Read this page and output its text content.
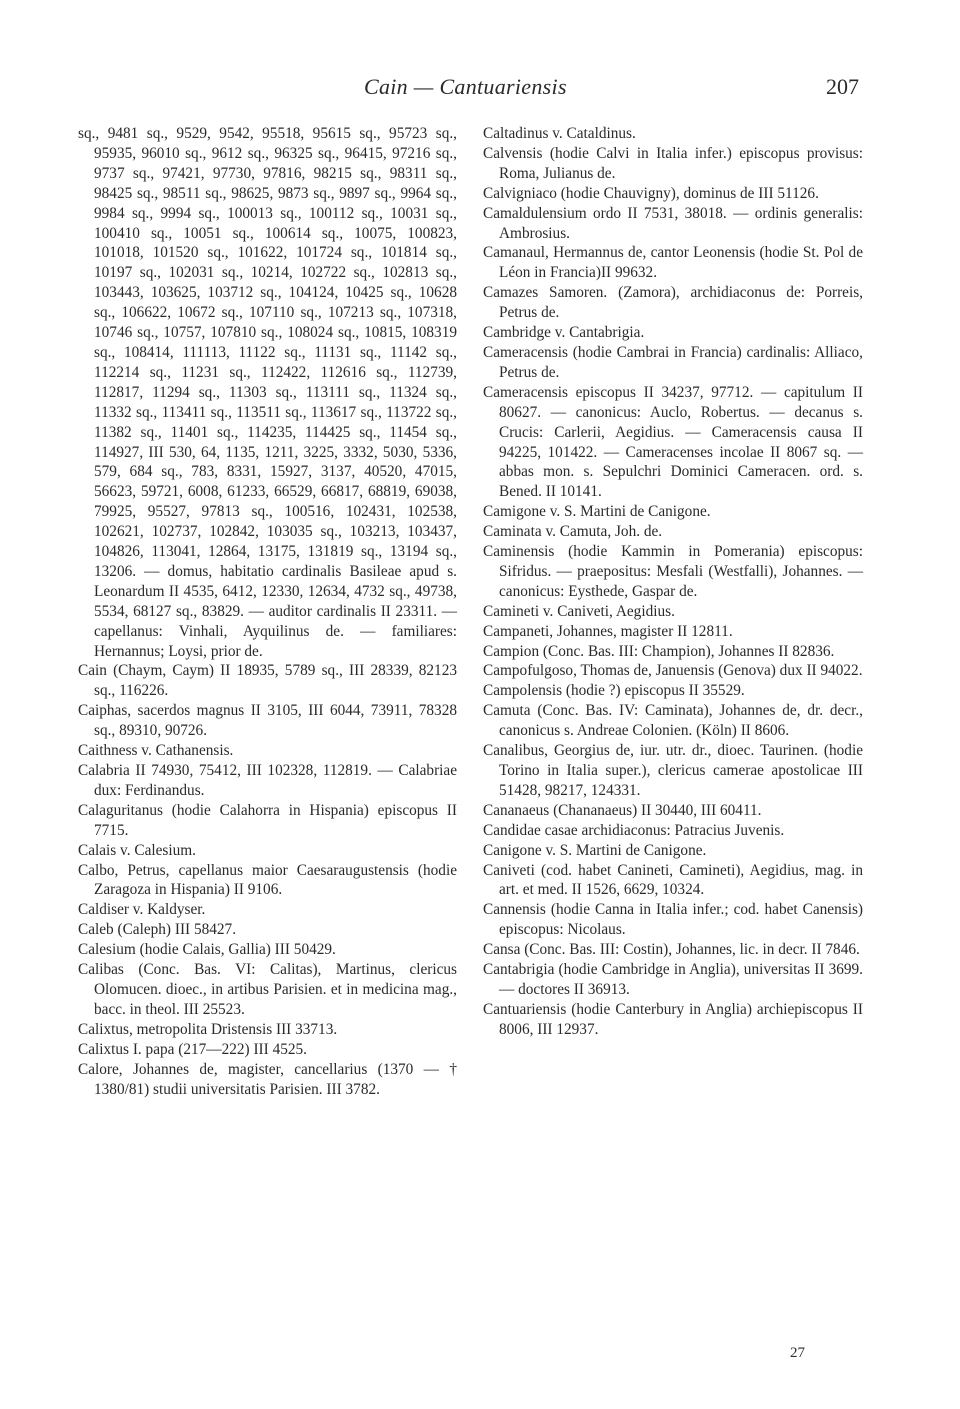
Cain — Cantuariensis	207

sq., 9481 sq., 9529, 9542, 95518, 95615 sq., 95723 sq., 95935, 96010 sq., 9612 sq., 96325 sq., 96415, 97216 sq., 9737 sq., 97421, 97730, 97816, 98215 sq., 98311 sq., 98425 sq., 98511 sq., 98625, 9873 sq., 9897 sq., 9964 sq., 9984 sq., 9994 sq., 100013 sq., 100112 sq., 10031 sq., 100410 sq., 10051 sq., 100614 sq., 10075, 100823, 101018, 101520 sq., 101622, 101724 sq., 101814 sq., 10197 sq., 102031 sq., 10214, 102722 sq., 102813 sq., 103443, 103625, 103712 sq., 104124, 10425 sq., 10628 sq., 106622, 10672 sq., 107110 sq., 107213 sq., 107318, 10746 sq., 10757, 107810 sq., 108024 sq., 10815, 108319 sq., 108414, 111113, 11122 sq., 11131 sq., 11142 sq., 112214 sq., 11231 sq., 112422, 112616 sq., 112739, 112817, 11294 sq., 11303 sq., 113111 sq., 11324 sq., 11332 sq., 113411 sq., 113511 sq., 113617 sq., 113722 sq., 11382 sq., 11401 sq., 114235, 114425 sq., 11454 sq., 114927, III 530, 64, 1135, 1211, 3225, 3332, 5030, 5336, 579, 684 sq., 783, 8331, 15927, 3137, 40520, 47015, 56623, 59721, 6008, 61233, 66529, 66817, 68819, 69038, 79925, 95527, 97813 sq., 100516, 102431, 102538, 102621, 102737, 102842, 103035 sq., 103213, 103437, 104826, 113041, 12864, 13175, 131819 sq., 13194 sq., 13206. — domus, habitatio cardinalis Basileae apud s. Leonardum II 4535, 6412, 12330, 12634, 4732 sq., 49738, 5534, 68127 sq., 83829. — auditor cardinalis II 23311. — capellanus: Vinhali, Ayquilinus de. — familiares: Hernannus; Loysi, prior de.

Cain (Chaym, Caym) II 18935, 5789 sq., III 28339, 82123 sq., 116226.

Caiphas, sacerdos magnus II 3105, III 6044, 73911, 78328 sq., 89310, 90726.

Caithness v. Cathanensis.

Calabria II 74930, 75412, III 102328, 112819. — Calabriae dux: Ferdinandus.

Calaguritanus (hodie Calahorra in Hispania) episcopus II 7715.

Calais v. Calesium.

Calbo, Petrus, capellanus maior Caesaraugustensis (hodie Zaragoza in Hispania) II 9106.

Caldiser v. Kaldyser.

Caleb (Caleph) III 58427.

Calesium (hodie Calais, Gallia) III 50429.

Calibas (Conc. Bas. VI: Calitas), Martinus, clericus Olomucen. dioec., in artibus Parisien. et in medicina mag., bacc. in theol. III 25523.

Calixtus, metropolita Dristensis III 33713.

Calixtus I. papa (217—222) III 4525.

Calore, Johannes de, magister, cancellarius (1370 — † 1380/81) studii universitatis Parisien. III 3782.

Caltadinus v. Cataldinus.

Calvensis (hodie Calvi in Italia infer.) episcopus provisus: Roma, Julianus de.

Calvigniaco (hodie Chauvigny), dominus de III 51126.

Camaldulensium ordo II 7531, 38018. — ordinis generalis: Ambrosius.

Camanaul, Hermannus de, cantor Leonensis (hodie St. Pol de Léon in Francia)II 99632.

Camazes Samoren. (Zamora), archidiaconus de: Porreis, Petrus de.

Cambridge v. Cantabrigia.

Cameracensis (hodie Cambrai in Francia) cardinalis: Alliaco, Petrus de.

Cameracensis episcopus II 34237, 97712. — capitulum II 80627. — canonicus: Auclo, Robertus. — decanus s. Crucis: Carlerii, Aegidius. — Cameracensis causa II 94225, 101422. — Cameracenses incolae II 8067 sq. — abbas mon. s. Sepulchri Dominici Cameracen. ord. s. Bened. II 10141.

Camigone v. S. Martini de Canigone.

Caminata v. Camuta, Joh. de.

Caminensis (hodie Kammin in Pomerania) episcopus: Sifridus. — praepositus: Mesfali (Westfalli), Johannes. — canonicus: Eysthede, Gaspar de.

Camineti v. Caniveti, Aegidius.

Campaneti, Johannes, magister II 12811.

Campion (Conc. Bas. III: Champion), Johannes II 82836.

Campofulgoso, Thomas de, Januensis (Genova) dux II 94022.

Campolensis (hodie ?) episcopus II 35529.

Camuta (Conc. Bas. IV: Caminata), Johannes de, dr. decr., canonicus s. Andreae Colonien. (Köln) II 8606.

Canalibus, Georgius de, iur. utr. dr., dioec. Taurinen. (hodie Torino in Italia super.), clericus camerae apostolicae III 51428, 98217, 124331.

Cananaeus (Chananaeus) II 30440, III 60411.

Candidae casae archidiaconus: Patracius Juvenis.

Canigone v. S. Martini de Canigone.

Caniveti (cod. habet Canineti, Camineti), Aegidius, mag. in art. et med. II 1526, 6629, 10324.

Cannensis (hodie Canna in Italia infer.; cod. habet Canensis) episcopus: Nicolaus.

Cansa (Conc. Bas. III: Costin), Johannes, lic. in decr. II 7846.

Cantabrigia (hodie Cambridge in Anglia), universitas II 3699. — doctores II 36913.

Cantuariensis (hodie Canterbury in Anglia) archiepiscopus II 8006, III 12937.

27
